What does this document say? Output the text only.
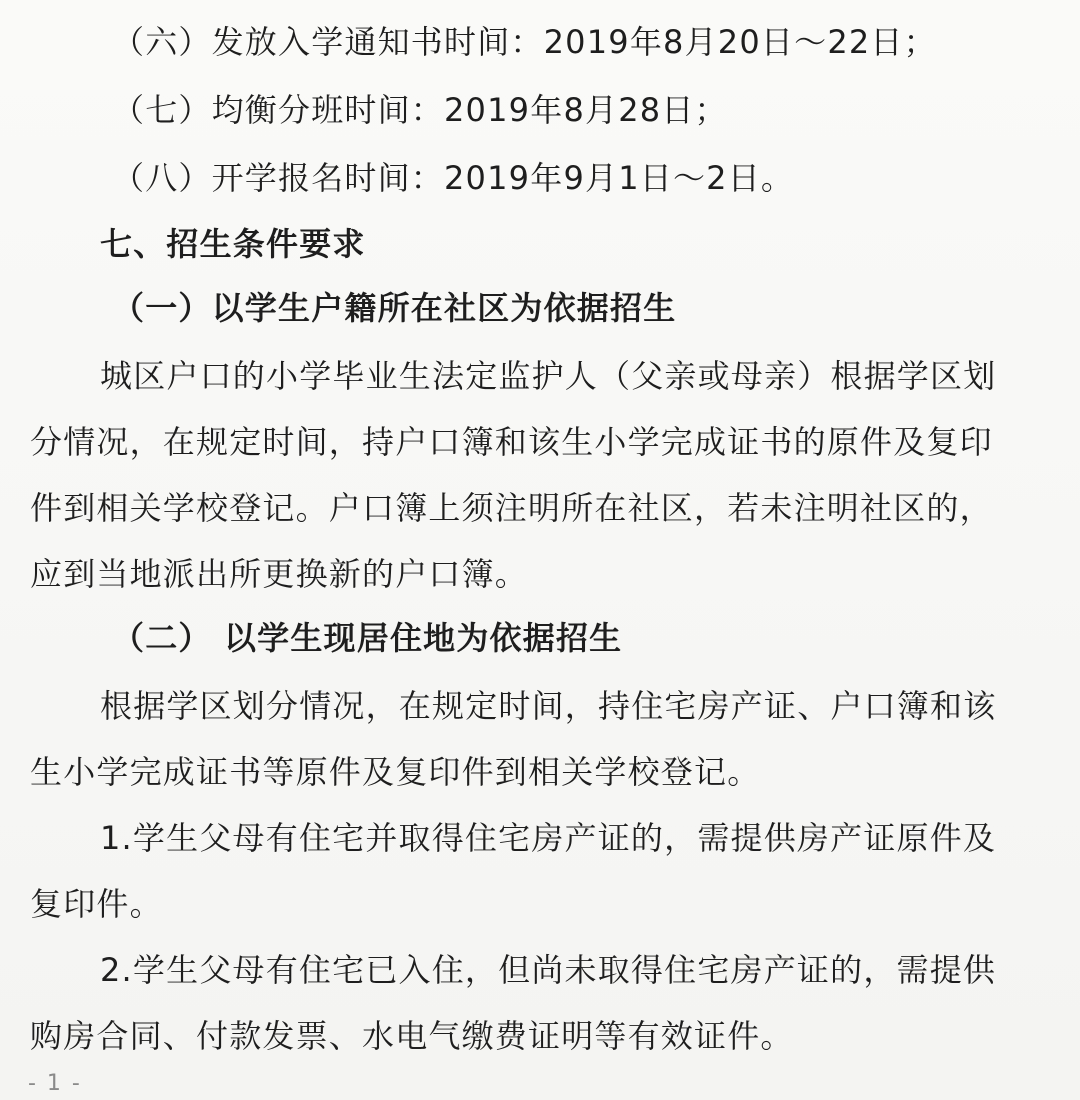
（六）发放入学通知书时间：2019年8月20日～22日；
（七）均衡分班时间：2019年8月28日；
（八）开学报名时间：2019年9月1日～2日。
七、招生条件要求
（一）以学生户籍所在社区为依据招生
城区户口的小学毕业生法定监护人（父亲或母亲）根据学区划
分情况，在规定时间，持户口簿和该生小学完成证书的原件及复印
件到相关学校登记。户口簿上须注明所在社区，若未注明社区的，
应到当地派出所更换新的户口簿。
（二） 以学生现居住地为依据招生
根据学区划分情况，在规定时间，持住宅房产证、户口簿和该
生小学完成证书等原件及复印件到相关学校登记。
1.学生父母有住宅并取得住宅房产证的，需提供房产证原件及
复印件。
2.学生父母有住宅已入住，但尚未取得住宅房产证的，需提供
购房合同、付款发票、水电气缴费证明等有效证件。
- 1 -
